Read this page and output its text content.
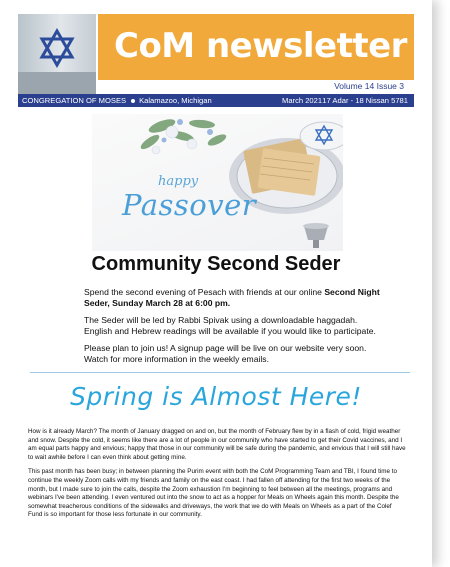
CoM newsletter
Volume 14 Issue 3
CONGREGATION OF MOSES Kalamazoo, Michigan	March 2021 17 Adar - 18 Nissan 5781
happy
Passover
Community Second Seder

Spend the second evening of Pesach with friends at our online Second Night Seder, Sunday March 28 at 6:00 pm.

The Seder will be led by Rabbi Spivak using a downloadable haggadah. English and Hebrew readings will be available if you would like to participate.

Please plan to join us! A signup page will be live on our website very soon. Watch for more information in the weekly emails.

Spring is Almost Here!

How is it already March? The month of January dragged on and on, but the month of February flew by in a flash of cold, frigid weather and snow. Despite the cold, it seems like there are a lot of people in our community who have started to get their Covid vaccines, and I am equal parts happy and envious; happy that those in our community will be safe during the pandemic, and envious that I will still have to wait awhile before I can even think about getting mine.

This past month has been busy; in between planning the Purim event with both the CoM Programming Team and TBI, I found time to continue the weekly Zoom calls with my friends and family on the east coast. I had fallen off attending for the first two weeks of the month, but I made sure to join the calls, despite the Zoom exhaustion I'm beginning to feel between all the meetings, programs and webinars I've been attending. I even ventured out into the snow to act as a hopper for Meals on Wheels again this month. Despite the somewhat treacherous conditions of the sidewalks and driveways, the work that we do with Meals on Wheels as a part of the Colef Fund is so important for those less fortunate in our community.
